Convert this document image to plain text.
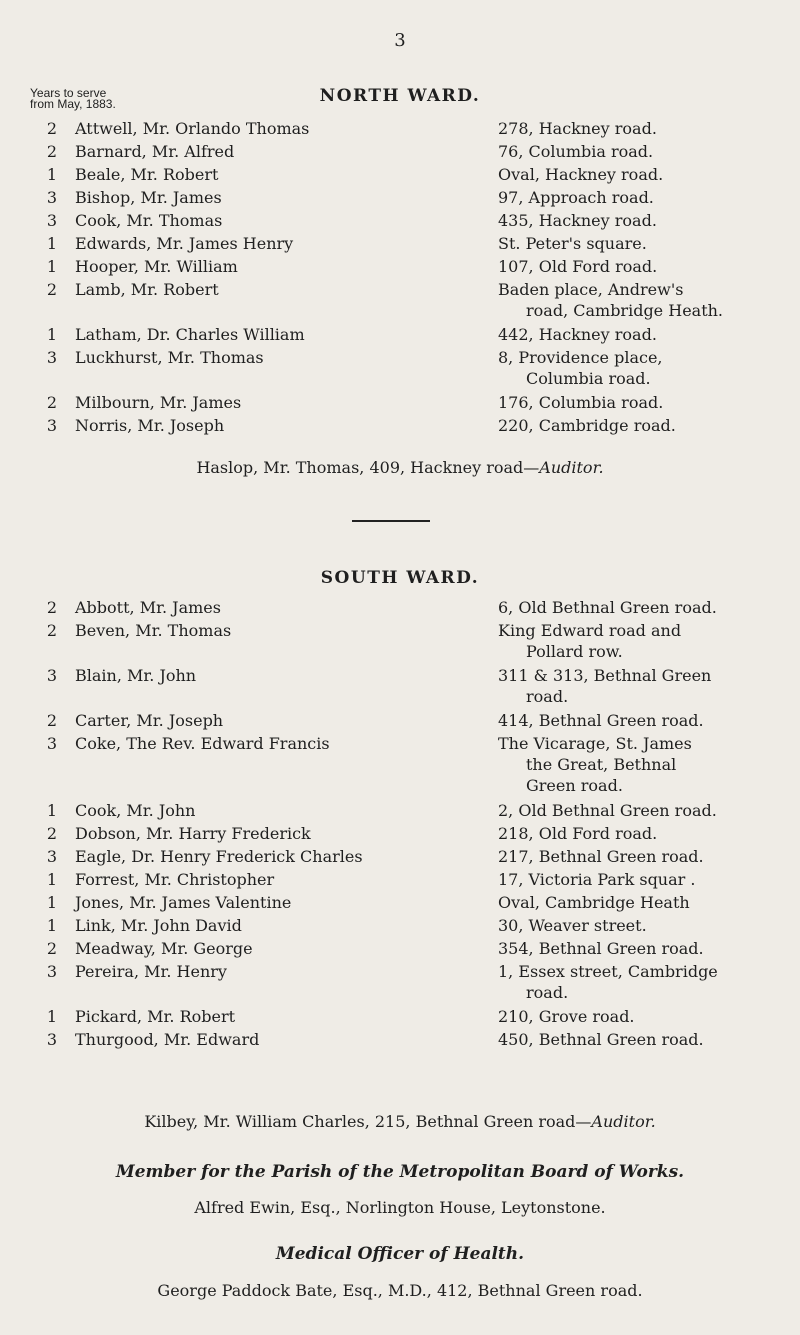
3
Years to serve
from May, 1883.	NORTH WARD.
2	Attwell, Mr. Orlando Thomas	278, Hackney road.
2	Barnard, Mr. Alfred	76, Columbia road.
1	Beale, Mr. Robert	Oval, Hackney road.
3	Bishop, Mr. James	97, Approach road.
3	Cook, Mr. Thomas	435, Hackney road.
1	Edwards, Mr. James Henry	St. Peter's square.
1	Hooper, Mr. William	107, Old Ford road.
2	Lamb, Mr. Robert	Baden place, Andrew's
road, Cambridge Heath.
1	Latham, Dr. Charles William	442, Hackney road.
3	Luckhurst, Mr. Thomas	8, Providence place,
Columbia road.
2	Milbourn, Mr. James	176, Columbia road.
3	Norris, Mr. Joseph	220, Cambridge road.
Haslop, Mr. Thomas, 409, Hackney road—Auditor.
SOUTH WARD.
2	Abbott, Mr. James	6, Old Bethnal Green road.
2	Beven, Mr. Thomas	King Edward road and
Pollard row.
3	Blain, Mr. John	311 & 313, Bethnal Green
road.
2	Carter, Mr. Joseph	414, Bethnal Green road.
3	Coke, The Rev. Edward Francis	The Vicarage, St. James
the Great, Bethnal
Green road.
1	Cook, Mr. John	2, Old Bethnal Green road.
2	Dobson, Mr. Harry Frederick	218, Old Ford road.
3	Eagle, Dr. Henry Frederick Charles	217, Bethnal Green road.
1	Forrest, Mr. Christopher	17, Victoria Park squar .
1	Jones, Mr. James Valentine	Oval, Cambridge Heath
1	Link, Mr. John David	30, Weaver street.
2	Meadway, Mr. George	354, Bethnal Green road.
3	Pereira, Mr. Henry	1, Essex street, Cambridge
road.
1	Pickard, Mr. Robert	210, Grove road.
3	Thurgood, Mr. Edward	450, Bethnal Green road.
Kilbey, Mr. William Charles, 215, Bethnal Green road—Auditor.
Member for the Parish of the Metropolitan Board of Works.
Alfred Ewin, Esq., Norlington House, Leytonstone.
Medical Officer of Health.
George Paddock Bate, Esq., M.D., 412, Bethnal Green road.
